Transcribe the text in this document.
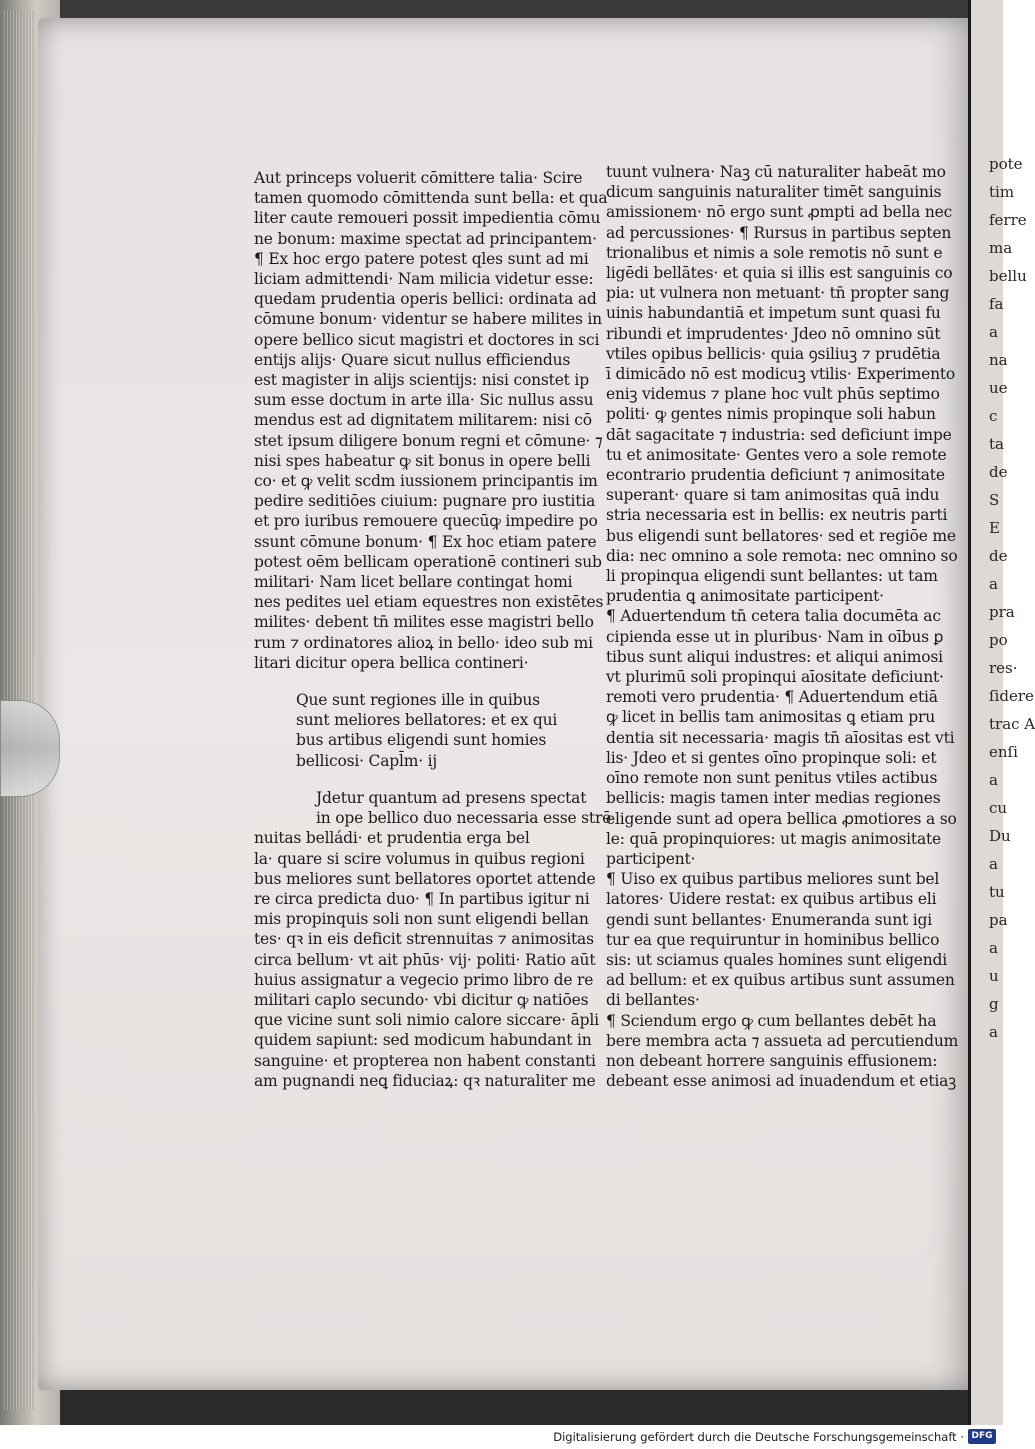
pote
tim
ferre
ma
bellu
fa
a
na
ue
c
ta
de
S
E
de
a
pra
po
res·
ſidere
trac A
enſi
a
cu
Du
a
tu
pa
a
u
g
a
Aut princeps voluerit cōmittere talia· Scire
tamen quomodo cōmittenda sunt bella: et qua
liter caute remoueri possit impedientia cōmu
ne bonum: maxime spectat ad principantem·
¶ Ex hoc ergo patere potest qles sunt ad mi
liciam admittendi· Nam milicia videtur esse:
quedam prudentia operis bellici: ordinata ad
cōmune bonum· videntur se habere milites in
opere bellico sicut magistri et doctores in sci
entijs alijs· Quare sicut nullus efficiendus
est magister in alijs scientijs: nisi constet ip
sum esse doctum in arte illa· Sic nullus assu
mendus est ad dignitatem militarem: nisi cō
stet ipsum diligere bonum regni et cōmune· ⁊
nisi spes habeatur ꝙ sit bonus in opere belli
co· et ꝙ velit scdm iussionem principantis im
pedire seditiōes ciuium: pugnare pro iustitia
et pro iuribus remouere quecūꝙ impedire po
ssunt cōmune bonum· ¶ Ex hoc etiam patere
potest oēm bellicam operationē contineri sub
militari· Nam licet bellare contingat homi
nes pedites uel etiam equestres non existētes
milites· debent tn̄ milites esse magistri bello
rum ⁊ ordinatores alioꝝ in bello· ideo sub mi
litari dicitur opera bellica contineri·
Que sunt regiones ille in quibus
sunt meliores bellatores: et ex qui
bus artibus eligendi sunt homies
bellicosi· Capl̄m· ij
Jdetur quantum ad presens spectat
in ope bellico duo necessaria esse strē
nuitas belládi· et prudentia erga bel
la· quare si scire volumus in quibus regioni
bus meliores sunt bellatores oportet attende
re circa predicta duo· ¶ In partibus igitur ni
mis propinquis soli non sunt eligendi bellan
tes· qꝛ in eis deficit strennuitas ⁊ animositas
circa bellum· vt ait phūs· vij· politi· Ratio aūt
huius assignatur a vegecio primo libro de re
militari caplo secundo· vbi dicitur ꝙ natiōes
que vicine sunt soli nimio calore siccare· āpli
quidem sapiunt: sed modicum habundant in
sanguine· et propterea non habent constanti
am pugnandi neꝗ fiduciaꝝ: qꝛ naturaliter me
tuunt vulnera· Naꝫ cū naturaliter habeāt mo
dicum sanguinis naturaliter timēt sanguinis
amissionem· nō ergo sunt ꝓmpti ad bella nec
ad percussiones· ¶ Rursus in partibus septen
trionalibus et nimis a sole remotis nō sunt e
ligēdi bellātes· et quia si illis est sanguinis co
pia: ut vulnera non metuant· tn̄ propter sang
uinis habundantiā et impetum sunt quasi fu
ribundi et imprudentes· Jdeo nō omnino sūt
vtiles opibus bellicis· quia ꝯsiliuꝫ ⁊ prudētia
ī dimicādo nō est modicuꝫ vtilis· Experimento
eniꝫ videmus ⁊ plane hoc vult phūs septimo
politi· ꝙ gentes nimis propinque soli habun
dāt sagacitate ⁊ industria: sed deficiunt impe
tu et animositate· Gentes vero a sole remote
econtrario prudentia deficiunt ⁊ animositate
superant· quare si tam animositas quā indu
stria necessaria est in bellis: ex neutris parti
bus eligendi sunt bellatores· sed et regiōe me
dia: nec omnino a sole remota: nec omnino so
li propinqua eligendi sunt bellantes: ut tam
prudentia ꝗ animositate participent·
¶ Aduertendum tn̄ cetera talia documēta ac
cipienda esse ut in pluribus· Nam in oībus ꝑ
tibus sunt aliqui industres: et aliqui animosi
vt plurimū soli propinqui aīositate deficiunt·
remoti vero prudentia· ¶ Aduertendum etiā
ꝙ licet in bellis tam animositas ꝗ etiam pru
dentia sit necessaria· magis tn̄ aīositas est vti
lis· Jdeo et si gentes oīno propinque soli: et
oīno remote non sunt penitus vtiles actibus
bellicis: magis tamen inter medias regiones
eligende sunt ad opera bellica ꝓmotiores a so
le: quā propinquiores: ut magis animositate
participent·
¶ Uiso ex quibus partibus meliores sunt bel
latores· Uidere restat: ex quibus artibus eli
gendi sunt bellantes· Enumeranda sunt igi
tur ea que requiruntur in hominibus bellico
sis: ut sciamus quales homines sunt eligendi
ad bellum: et ex quibus artibus sunt assumen
di bellantes·
¶ Sciendum ergo ꝙ cum bellantes debēt ha
bere membra acta ⁊ assueta ad percutiendum
non debeant horrere sanguinis effusionem:
debeant esse animosi ad inuadendum et etiaꝫ
Digitalisierung gefördert durch die Deutsche Forschungsgemeinschaft · DFG
